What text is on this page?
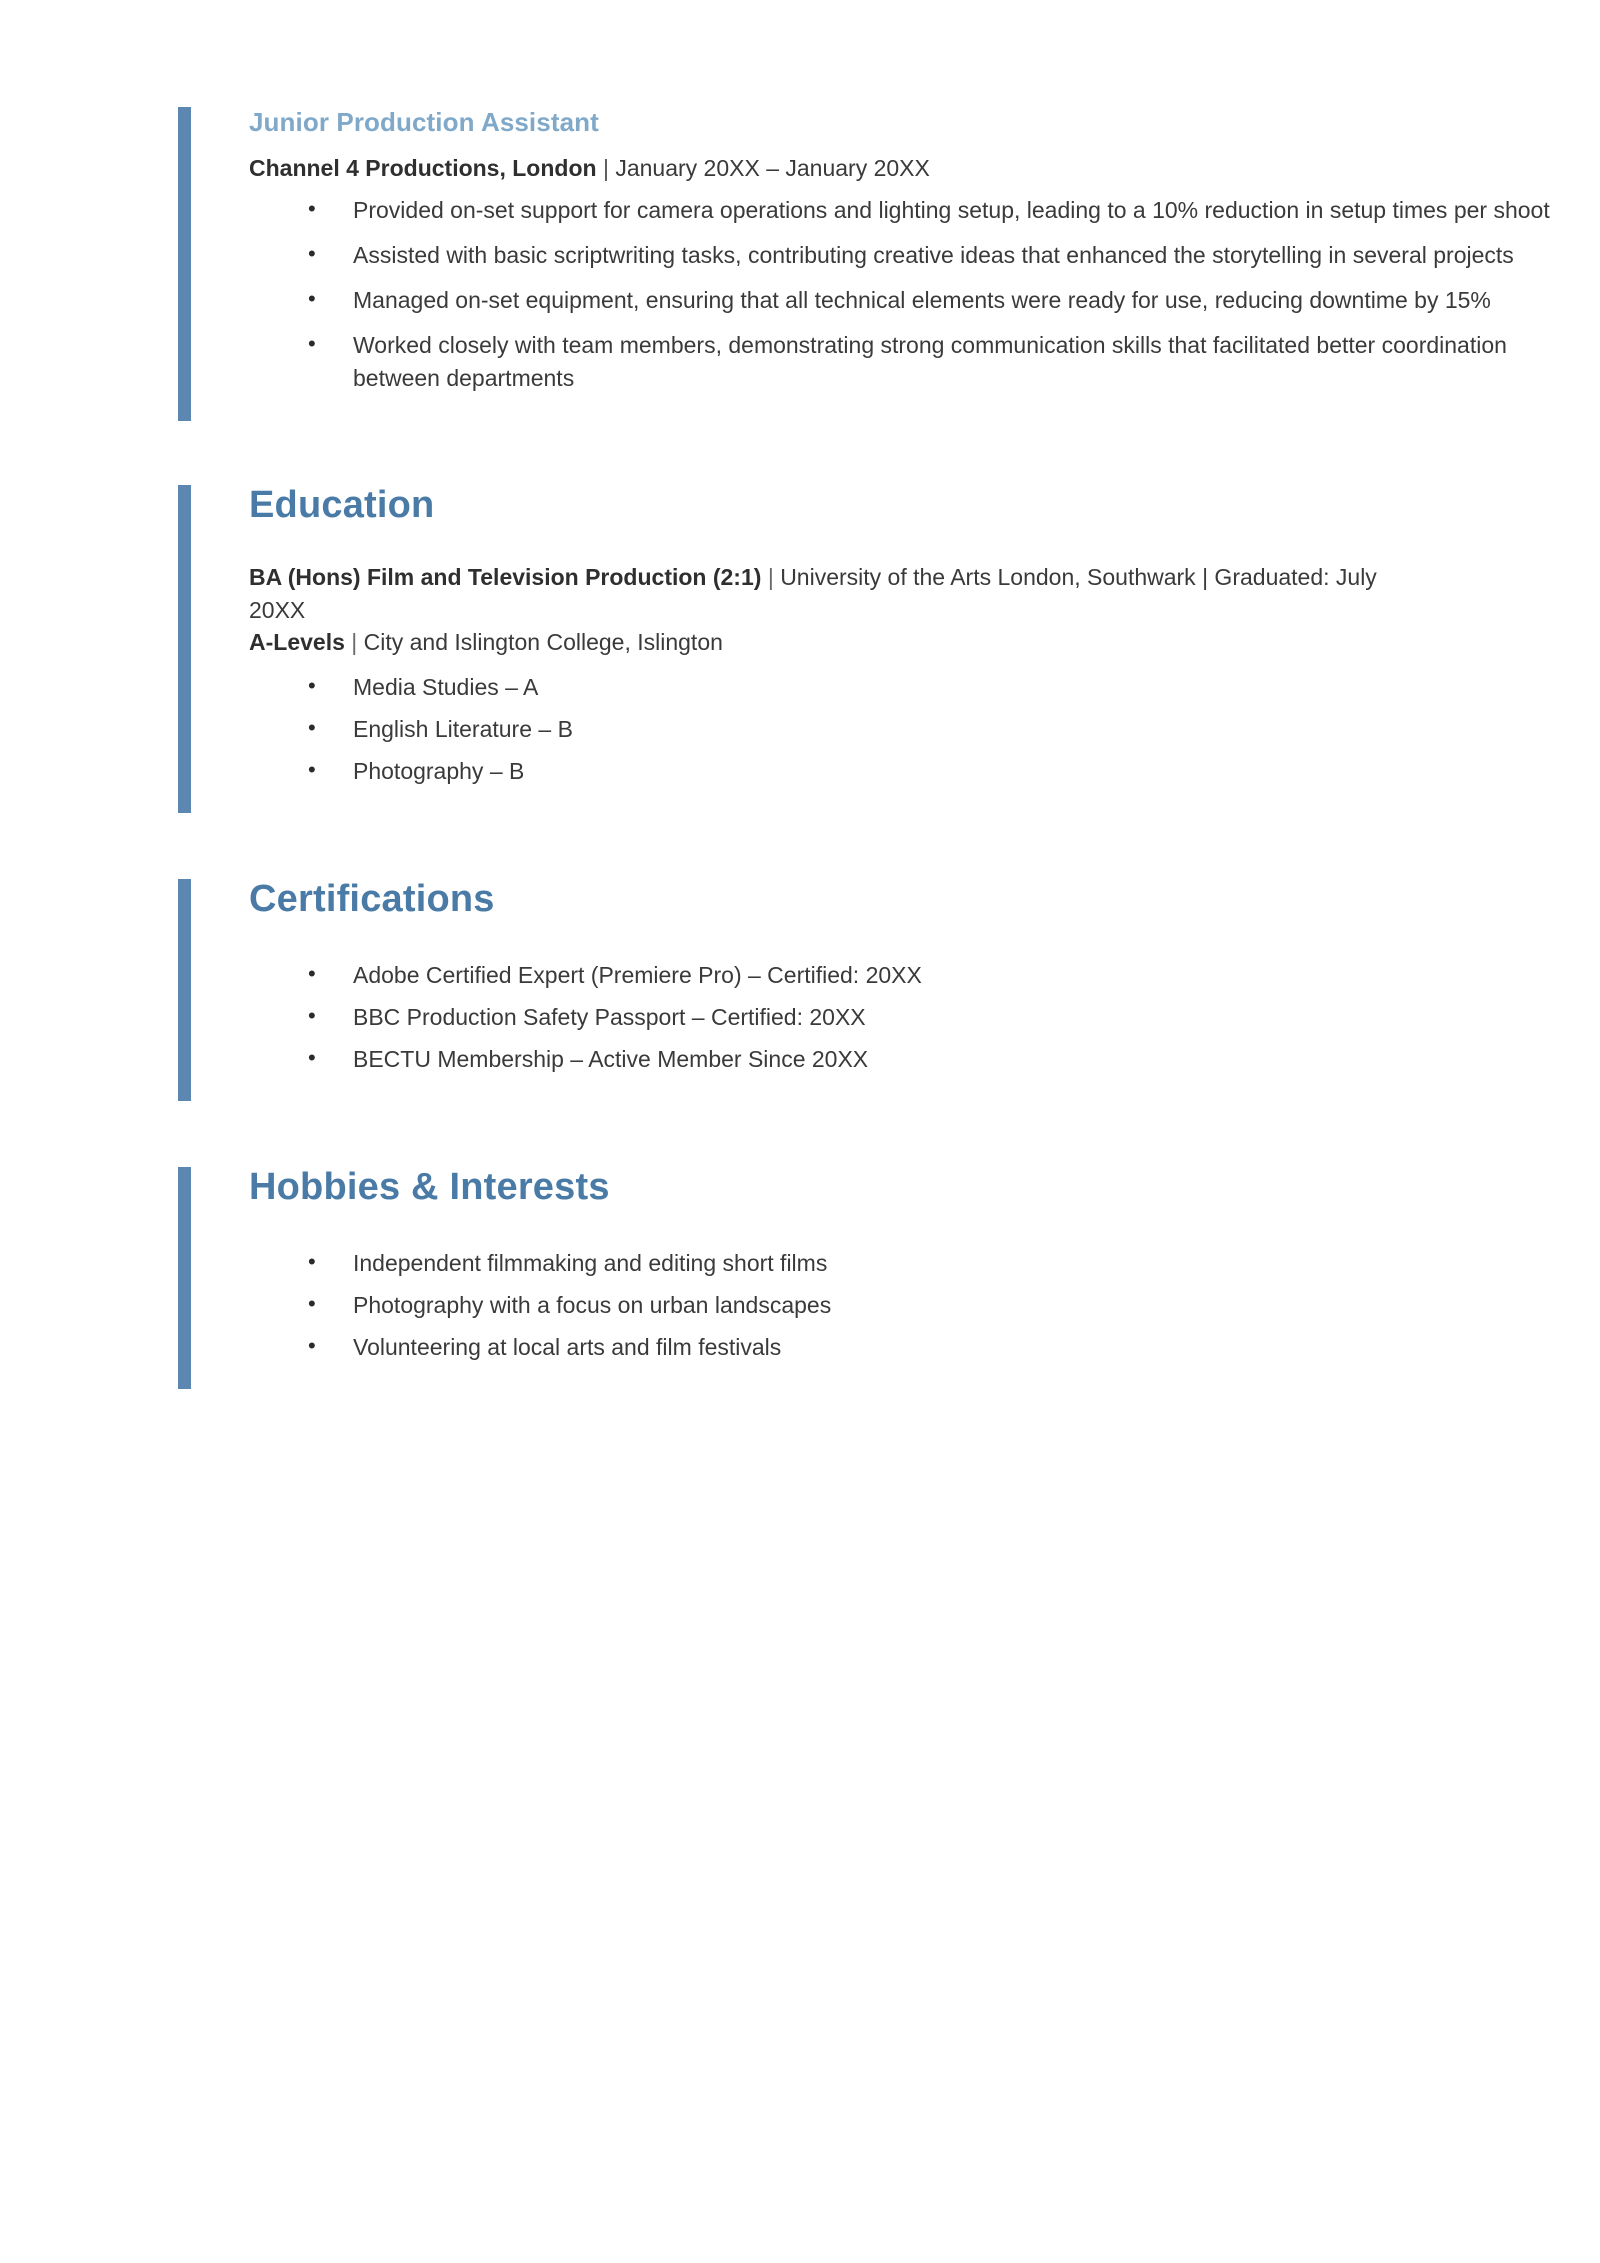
Junior Production Assistant
Channel 4 Productions, London | January 20XX – January 20XX
• Provided on-set support for camera operations and lighting setup, leading to a 10% reduction in setup times per shoot
• Assisted with basic scriptwriting tasks, contributing creative ideas that enhanced the storytelling in several projects
• Managed on-set equipment, ensuring that all technical elements were ready for use, reducing downtime by 15%
• Worked closely with team members, demonstrating strong communication skills that facilitated better coordination between departments
Education
BA (Hons) Film and Television Production (2:1) | University of the Arts London, Southwark | Graduated: July 20XX
A-Levels | City and Islington College, Islington
• Media Studies – A
• English Literature – B
• Photography – B
Certifications
• Adobe Certified Expert (Premiere Pro) – Certified: 20XX
• BBC Production Safety Passport – Certified: 20XX
• BECTU Membership – Active Member Since 20XX
Hobbies & Interests
• Independent filmmaking and editing short films
• Photography with a focus on urban landscapes
• Volunteering at local arts and film festivals
